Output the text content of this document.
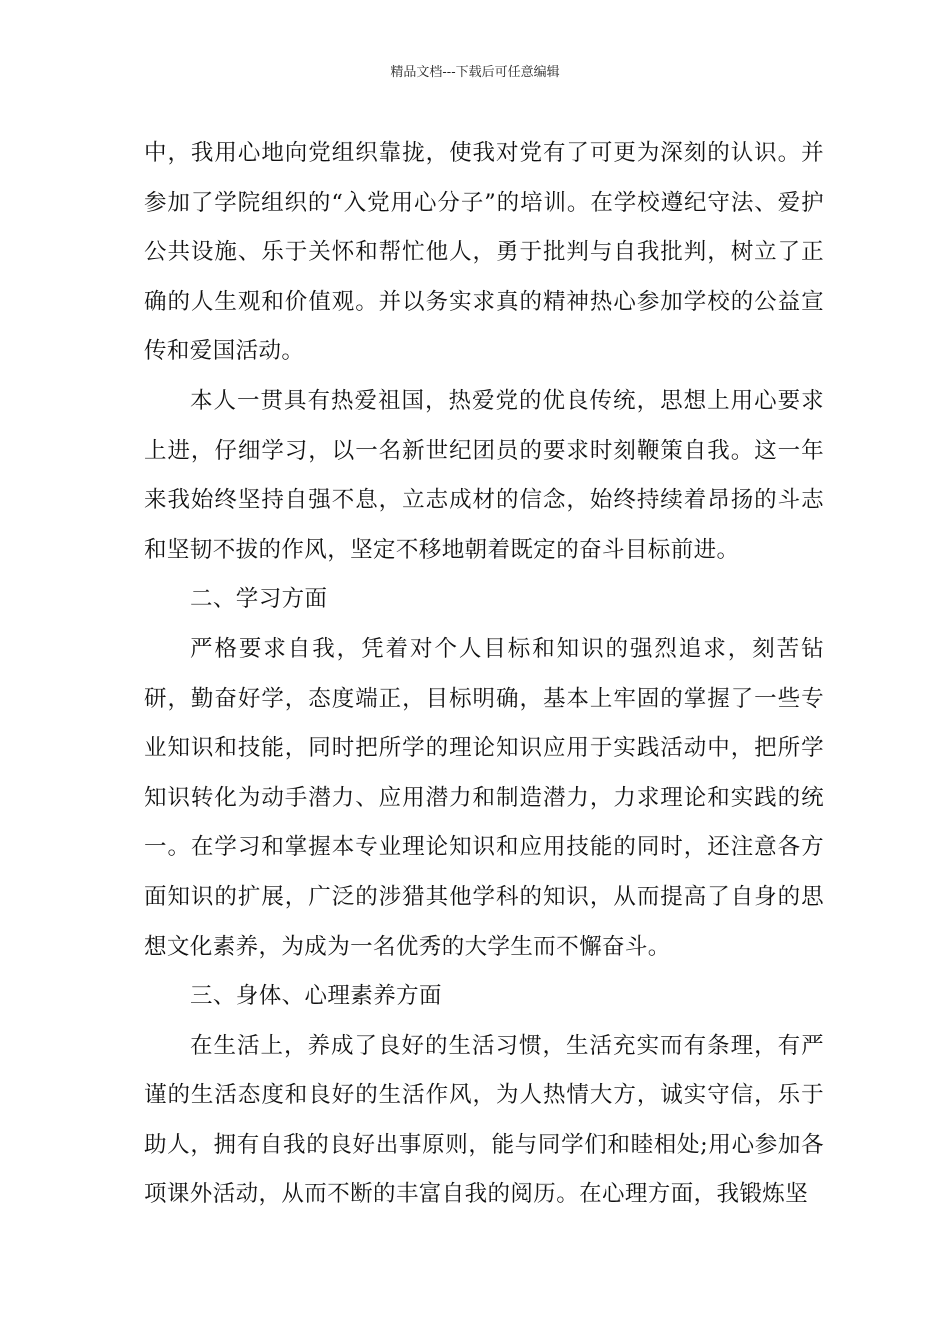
精品文档---下载后可任意编辑

中，我用心地向党组织靠拢，使我对党有了可更为深刻的认识。并参加了学院组织的“入党用心分子”的培训。在学校遵纪守法、爱护公共设施、乐于关怀和帮忙他人，勇于批判与自我批判，树立了正确的人生观和价值观。并以务实求真的精神热心参加学校的公益宣传和爱国活动。

本人一贯具有热爱祖国，热爱党的优良传统，思想上用心要求上进，仔细学习，以一名新世纪团员的要求时刻鞭策自我。这一年来我始终坚持自强不息，立志成材的信念，始终持续着昂扬的斗志和坚韧不拔的作风，坚定不移地朝着既定的奋斗目标前进。

二、学习方面

严格要求自我，凭着对个人目标和知识的强烈追求，刻苦钻研，勤奋好学，态度端正，目标明确，基本上牢固的掌握了一些专业知识和技能，同时把所学的理论知识应用于实践活动中，把所学知识转化为动手潜力、应用潜力和制造潜力，力求理论和实践的统一。在学习和掌握本专业理论知识和应用技能的同时，还注意各方面知识的扩展，广泛的涉猎其他学科的知识，从而提高了自身的思想文化素养，为成为一名优秀的大学生而不懈奋斗。

三、身体、心理素养方面

在生活上，养成了良好的生活习惯，生活充实而有条理，有严谨的生活态度和良好的生活作风，为人热情大方，诚实守信，乐于助人，拥有自我的良好出事原则，能与同学们和睦相处;用心参加各项课外活动，从而不断的丰富自我的阅历。在心理方面，我锻炼坚
